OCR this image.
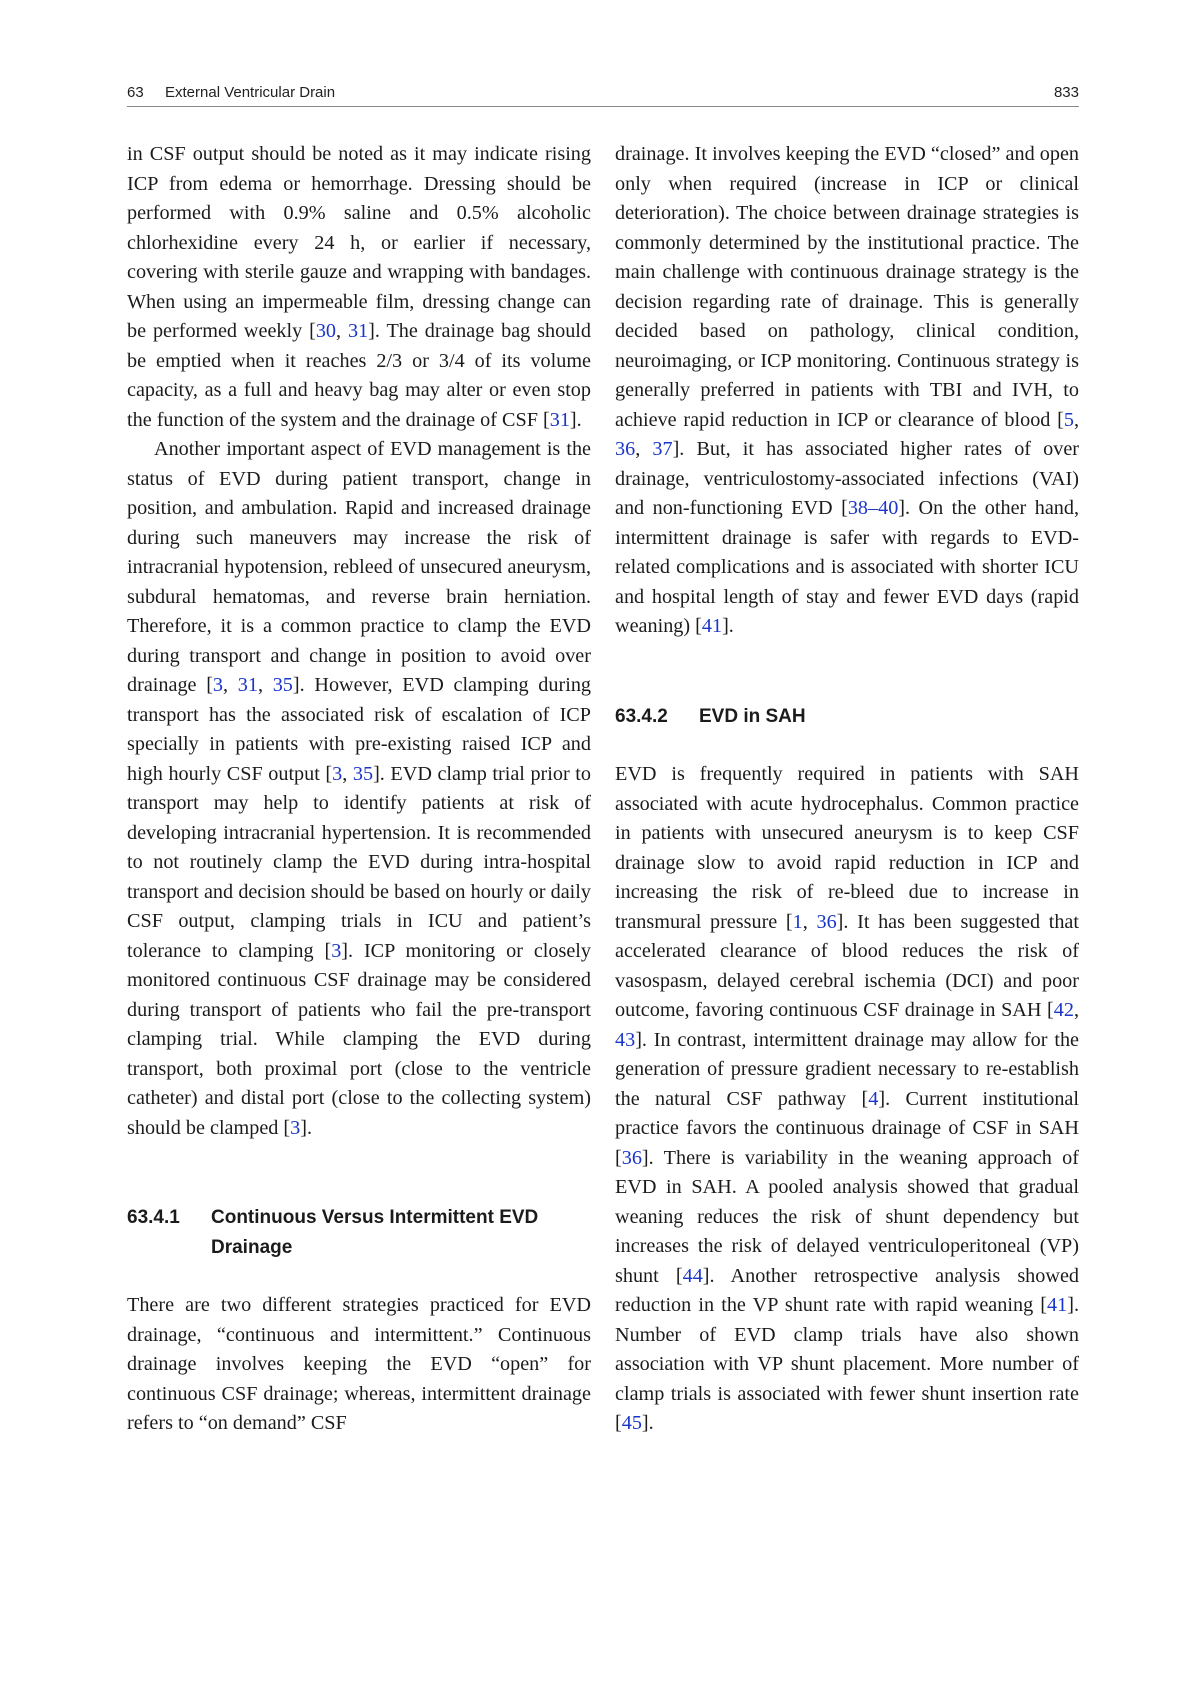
63 External Ventricular Drain	833

in CSF output should be noted as it may indicate rising ICP from edema or hemorrhage. Dressing should be performed with 0.9% saline and 0.5% alcoholic chlorhexidine every 24 h, or earlier if necessary, covering with sterile gauze and wrapping with bandages. When using an impermeable film, dressing change can be performed weekly [30, 31]. The drainage bag should be emptied when it reaches 2/3 or 3/4 of its volume capacity, as a full and heavy bag may alter or even stop the function of the system and the drainage of CSF [31].

Another important aspect of EVD management is the status of EVD during patient transport, change in position, and ambulation. Rapid and increased drainage during such maneuvers may increase the risk of intracranial hypotension, rebleed of unsecured aneurysm, subdural hematomas, and reverse brain herniation. Therefore, it is a common practice to clamp the EVD during transport and change in position to avoid over drainage [3, 31, 35]. However, EVD clamping during transport has the associated risk of escalation of ICP specially in patients with pre-existing raised ICP and high hourly CSF output [3, 35]. EVD clamp trial prior to transport may help to identify patients at risk of developing intracranial hypertension. It is recommended to not routinely clamp the EVD during intra-hospital transport and decision should be based on hourly or daily CSF output, clamping trials in ICU and patient’s tolerance to clamping [3]. ICP monitoring or closely monitored continuous CSF drainage may be considered during transport of patients who fail the pre-transport clamping trial. While clamping the EVD during transport, both proximal port (close to the ventricle catheter) and distal port (close to the collecting system) should be clamped [3].

63.4.1	Continuous Versus Intermittent EVD Drainage

There are two different strategies practiced for EVD drainage, “continuous and intermittent.” Continuous drainage involves keeping the EVD “open” for continuous CSF drainage; whereas, intermittent drainage refers to “on demand” CSF

drainage. It involves keeping the EVD “closed” and open only when required (increase in ICP or clinical deterioration). The choice between drainage strategies is commonly determined by the institutional practice. The main challenge with continuous drainage strategy is the decision regarding rate of drainage. This is generally decided based on pathology, clinical condition, neuroimaging, or ICP monitoring. Continuous strategy is generally preferred in patients with TBI and IVH, to achieve rapid reduction in ICP or clearance of blood [5, 36, 37]. But, it has associated higher rates of over drainage, ventriculostomy-associated infections (VAI) and non-functioning EVD [38–40]. On the other hand, intermittent drainage is safer with regards to EVD-related complications and is associated with shorter ICU and hospital length of stay and fewer EVD days (rapid weaning) [41].

63.4.2	EVD in SAH

EVD is frequently required in patients with SAH associated with acute hydrocephalus. Common practice in patients with unsecured aneurysm is to keep CSF drainage slow to avoid rapid reduction in ICP and increasing the risk of re-bleed due to increase in transmural pressure [1, 36]. It has been suggested that accelerated clearance of blood reduces the risk of vasospasm, delayed cerebral ischemia (DCI) and poor outcome, favoring continuous CSF drainage in SAH [42, 43]. In contrast, intermittent drainage may allow for the generation of pressure gradient necessary to re-establish the natural CSF pathway [4]. Current institutional practice favors the continuous drainage of CSF in SAH [36]. There is variability in the weaning approach of EVD in SAH. A pooled analysis showed that gradual weaning reduces the risk of shunt dependency but increases the risk of delayed ventriculoperitoneal (VP) shunt [44]. Another retrospective analysis showed reduction in the VP shunt rate with rapid weaning [41]. Number of EVD clamp trials have also shown association with VP shunt placement. More number of clamp trials is associated with fewer shunt insertion rate [45].
